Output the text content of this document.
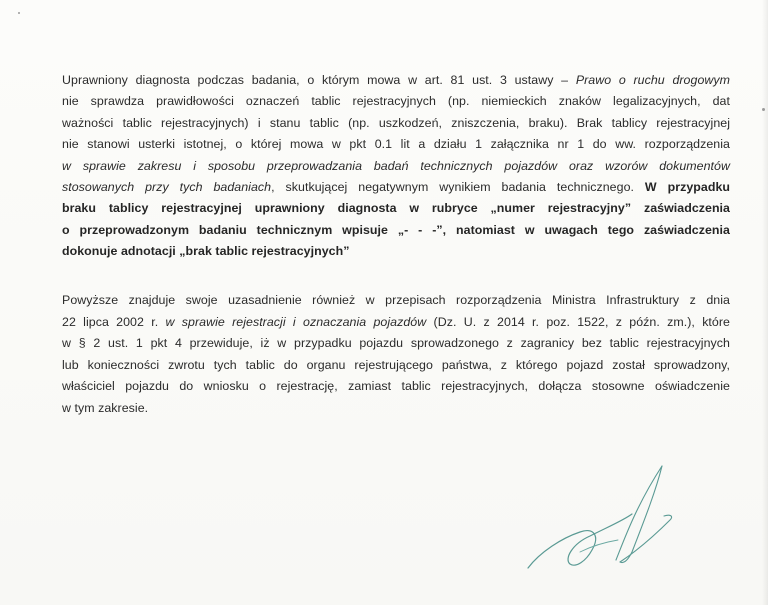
Uprawniony diagnosta podczas badania, o którym mowa w art. 81 ust. 3 ustawy – Prawo o ruchu drogowym
nie sprawdza prawidłowości oznaczeń tablic rejestracyjnych (np. niemieckich znaków legalizacyjnych, dat
ważności tablic rejestracyjnych) i stanu tablic (np. uszkodzeń, zniszczenia, braku). Brak tablicy rejestracyjnej
nie stanowi usterki istotnej, o której mowa w pkt 0.1 lit a działu 1 załącznika nr 1 do ww. rozporządzenia
w sprawie zakresu i sposobu przeprowadzania badań technicznych pojazdów oraz wzorów dokumentów
stosowanych przy tych badaniach, skutkującej negatywnym wynikiem badania technicznego. W przypadku
braku tablicy rejestracyjnej uprawniony diagnosta w rubryce „numer rejestracyjny” zaświadczenia
o przeprowadzonym badaniu technicznym wpisuje „- - -”, natomiast w uwagach tego zaświadczenia
dokonuje adnotacji „brak tablic rejestracyjnych”
Powyższe znajduje swoje uzasadnienie również w przepisach rozporządzenia Ministra Infrastruktury z dnia
22 lipca 2002 r. w sprawie rejestracji i oznaczania pojazdów (Dz. U. z 2014 r. poz. 1522, z późn. zm.), które
w § 2 ust. 1 pkt 4 przewiduje, iż w przypadku pojazdu sprowadzonego z zagranicy bez tablic rejestracyjnych
lub konieczności zwrotu tych tablic do organu rejestrującego państwa, z którego pojazd został sprowadzony,
właściciel pojazdu do wniosku o rejestrację, zamiast tablic rejestracyjnych, dołącza stosowne oświadczenie
w tym zakresie.
